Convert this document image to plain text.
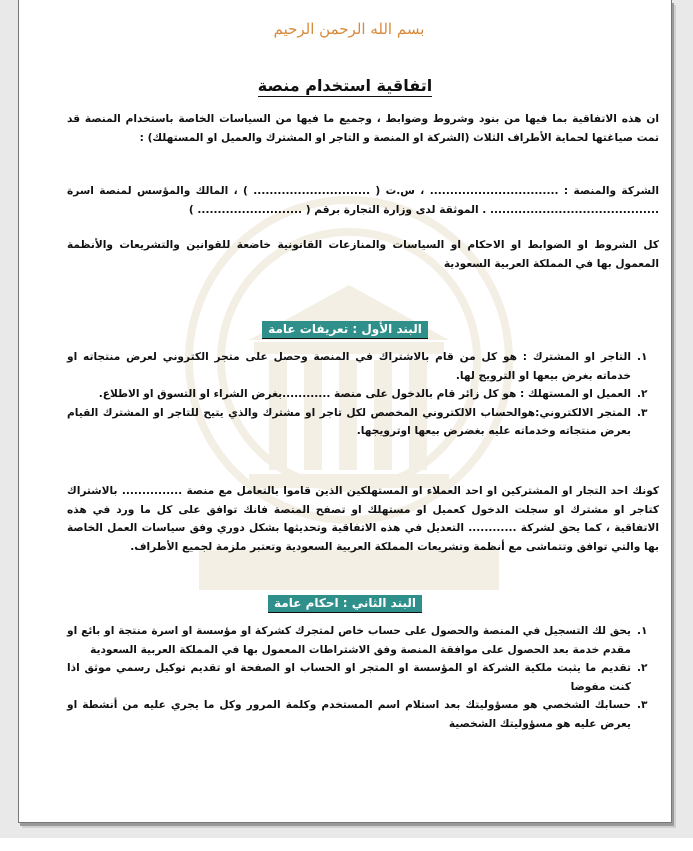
بسم الله الرحمن الرحيم
اتفاقية استخدام منصة

ان هذه الاتفاقية بما فيها من بنود وشروط وضوابط ، وجميع ما فيها من السياسات الخاصة باستخدام المنصة قد تمت صياغتها لحماية الأطراف الثلاث (الشركة او المنصة و التاجر او المشترك والعميل او المستهلك) :

الشركة والمنصة : ................................ ، س.ت ( ............................. ) ، المالك والمؤسس لمنصة اسرة .......................................... . الموثقة لدى وزارة التجارة برقم ( .......................... )

كل الشروط او الضوابط او الاحكام او السياسات والمنازعات القانونية خاضعة للقوانين والتشريعات والأنظمة المعمول بها في المملكة العربية السعودية

البند الأول : تعريفات عامة
١.
التاجر او المشترك : هو كل من قام بالاشتراك في المنصة وحصل على متجر الكتروني لعرض منتجاته او خدماته بغرض بيعها او الترويج لها.
٢.
العميل او المستهلك : هو كل زائر قام بالدخول على منصة ............بغرض الشراء او التسوق او الاطلاع.
٣.
المتجر الالكتروني:هوالحساب الالكتروني المخصص لكل تاجر او مشترك والذي يتيح للتاجر او المشترك القيام بعرض منتجاته وخدماته عليه بغضرض بيعها اوترويجها.

كونك احد التجار او المشتركين او احد العملاء او المستهلكين الذين قاموا بالتعامل مع منصة ............... بالاشتراك كتاجر او مشترك او سجلت الدخول كعميل او مستهلك او تصفح المنصة فانك توافق على كل ما ورد في هذه الاتفاقية ، كما يحق لشركة ............ التعديل في هذه الاتفاقية وتحديثها بشكل دوري وفق سياسات العمل الخاصة بها والتي توافق وتتماشى مع أنظمة وتشريعات المملكة العربية السعودية وتعتبر ملزمة لجميع الأطراف.

البند الثاني : احكام عامة
١.
يحق لك التسجيل في المنصة والحصول على حساب خاص لمتجرك كشركة او مؤسسة او اسرة منتجة او بائع او مقدم خدمة بعد الحصول على موافقة المنصة وفق الاشتراطات المعمول بها في المملكة العربية السعودية
٢.
تقديم ما يثبت ملكية الشركة او المؤسسة او المتجر او الحساب او الصفحة او تقديم توكيل رسمي موثق اذا كنت مفوضا
٣.
حسابك الشخصي هو مسؤوليتك بعد استلام اسم المستخدم وكلمة المرور وكل ما يجري عليه من أنشطة او يعرض عليه هو مسؤوليتك الشخصية
